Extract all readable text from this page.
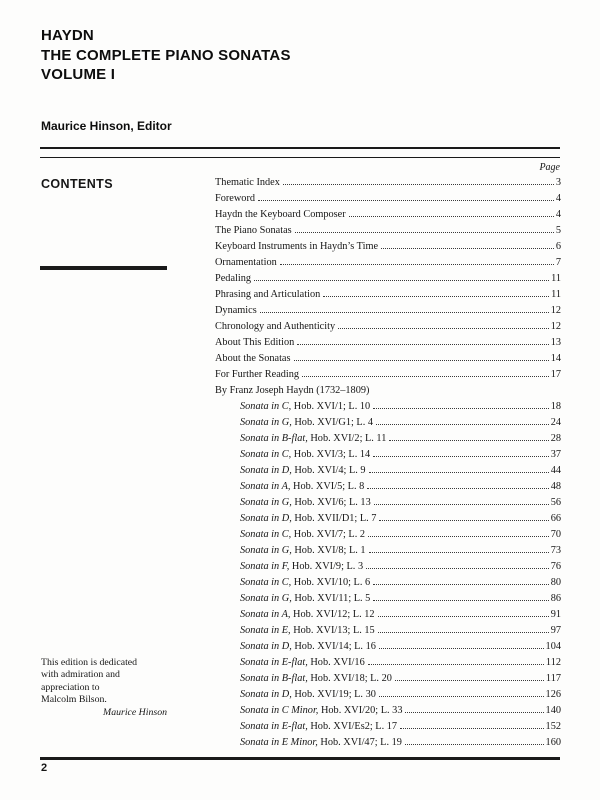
HAYDN
THE COMPLETE PIANO SONATAS
VOLUME I
Maurice Hinson, Editor
Page
CONTENTS	Thematic Index	3
Foreword	4
Haydn the Keyboard Composer	4
The Piano Sonatas	5
Keyboard Instruments in Haydn’s Time	6
Ornamentation	7
Pedaling	11
Phrasing and Articulation	11
Dynamics	12
Chronology and Authenticity	12
About This Edition	13
About the Sonatas	14
For Further Reading	17
By Franz Joseph Haydn (1732–1809)
Sonata in C, Hob. XVI/1; L. 10	18
Sonata in G, Hob. XVI/G1; L. 4	24
Sonata in B-flat, Hob. XVI/2; L. 11	28
Sonata in C, Hob. XVI/3; L. 14	37
Sonata in D, Hob. XVI/4; L. 9	44
Sonata in A, Hob. XVI/5; L. 8	48
Sonata in G, Hob. XVI/6; L. 13	56
Sonata in D, Hob. XVII/D1; L. 7	66
Sonata in C, Hob. XVI/7; L. 2	70
Sonata in G, Hob. XVI/8; L. 1	73
Sonata in F, Hob. XVI/9; L. 3	76
Sonata in C, Hob. XVI/10; L. 6	80
Sonata in G, Hob. XVI/11; L. 5	86
Sonata in A, Hob. XVI/12; L. 12	91
Sonata in E, Hob. XVI/13; L. 15	97
Sonata in D, Hob. XVI/14; L. 16	104
Sonata in E-flat, Hob. XVI/16	112
Sonata in B-flat, Hob. XVI/18; L. 20	117
Sonata in D, Hob. XVI/19; L. 30	126
Sonata in C Minor, Hob. XVI/20; L. 33	140
Sonata in E-flat, Hob. XVI/Es2; L. 17	152
Sonata in E Minor, Hob. XVI/47; L. 19	160
This edition is dedicated
with admiration and
appreciation to
Malcolm Bilson.
Maurice Hinson
2
